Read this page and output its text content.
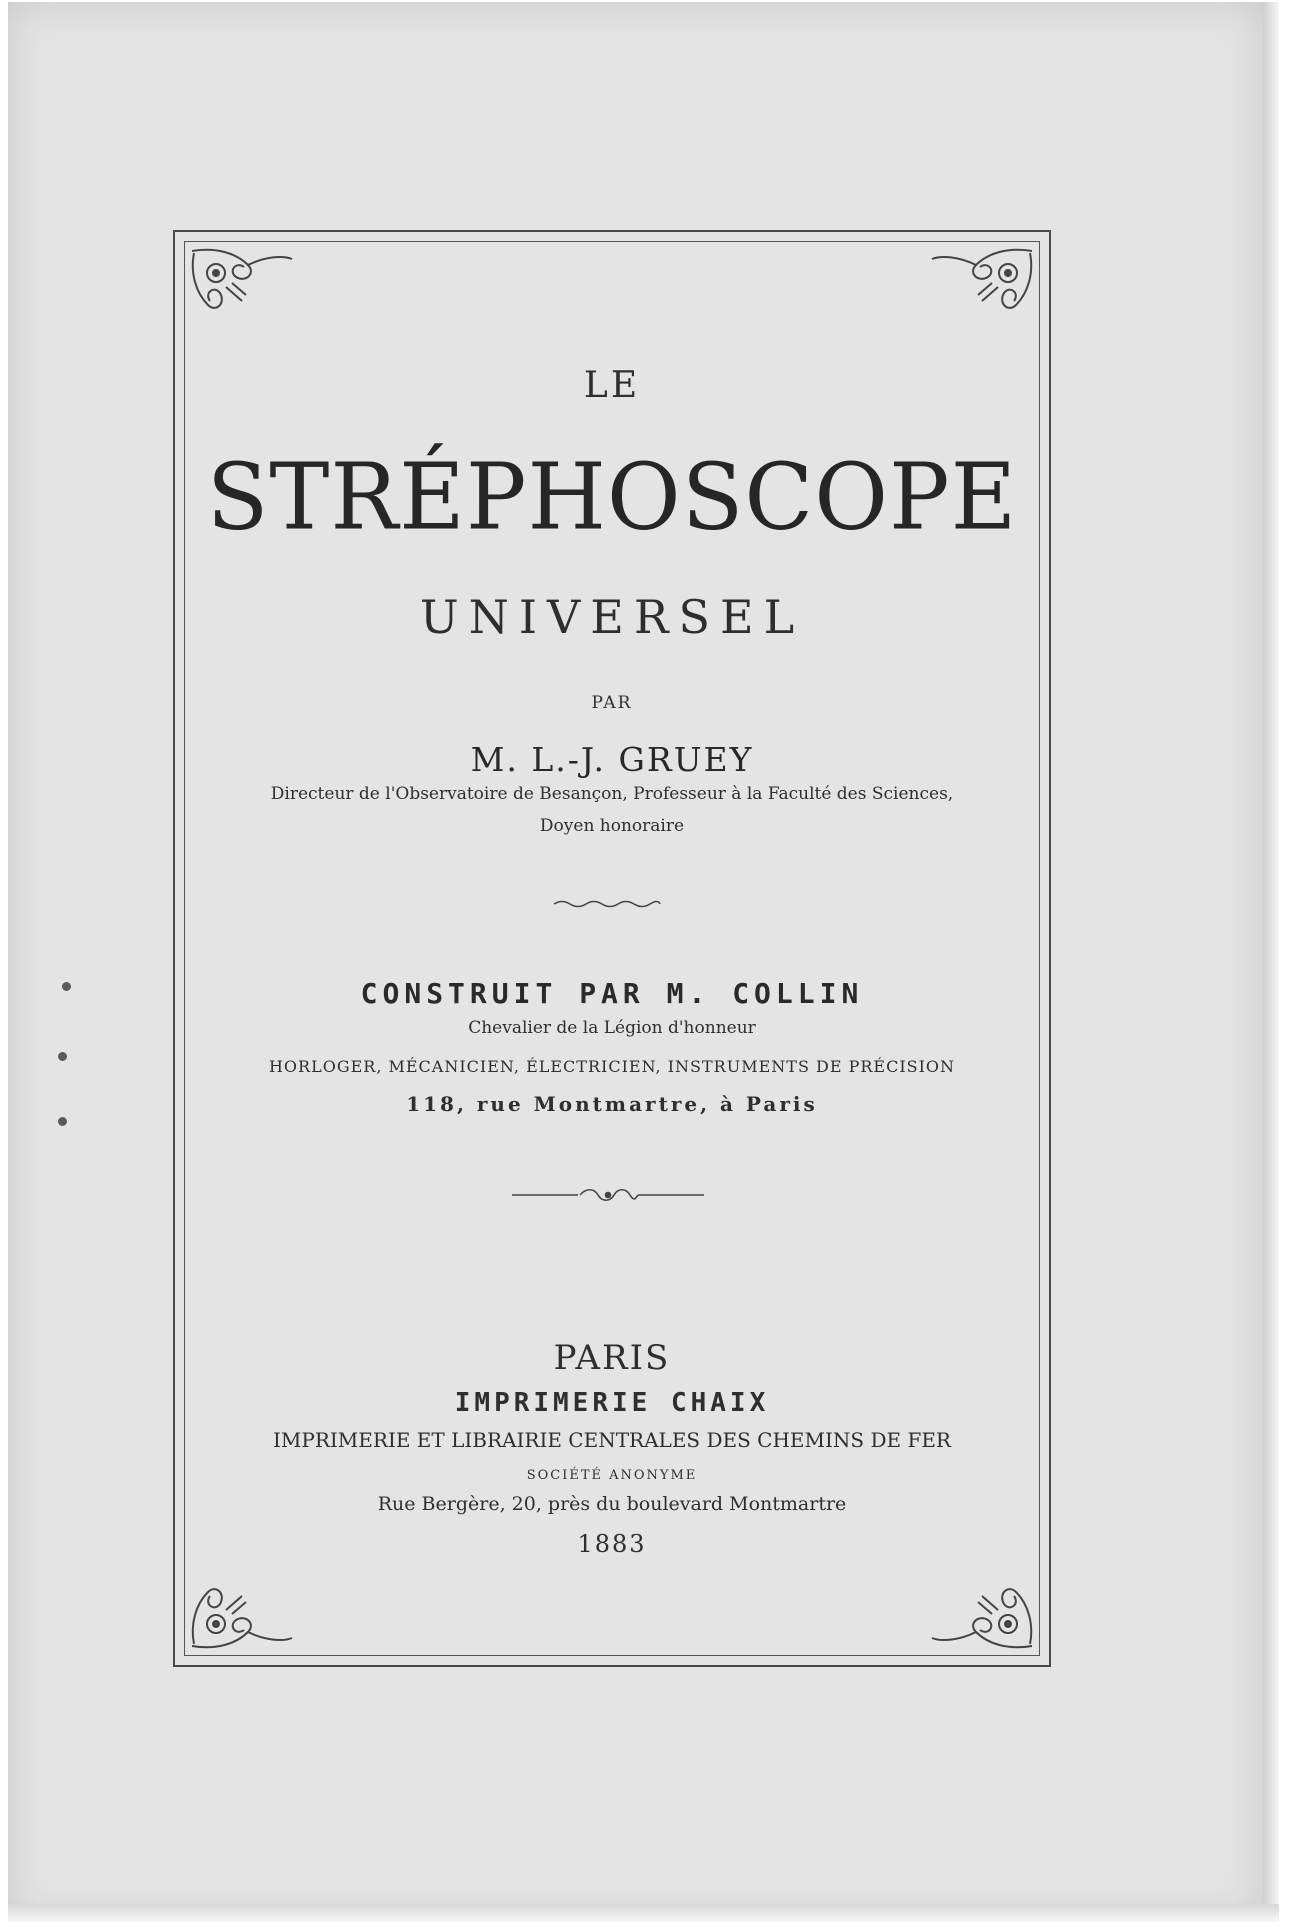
LE
STRÉPHOSCOPE
UNIVERSEL
PAR
M. L.-J. GRUEY
Directeur de l'Observatoire de Besançon, Professeur à la Faculté des Sciences,
Doyen honoraire
CONSTRUIT PAR M. COLLIN
Chevalier de la Légion d'honneur
HORLOGER, MÉCANICIEN, ÉLECTRICIEN, INSTRUMENTS DE PRÉCISION
118, rue Montmartre, à Paris
PARIS
IMPRIMERIE CHAIX
IMPRIMERIE ET LIBRAIRIE CENTRALES DES CHEMINS DE FER
SOCIÉTÉ ANONYME
Rue Bergère, 20, près du boulevard Montmartre
1883
